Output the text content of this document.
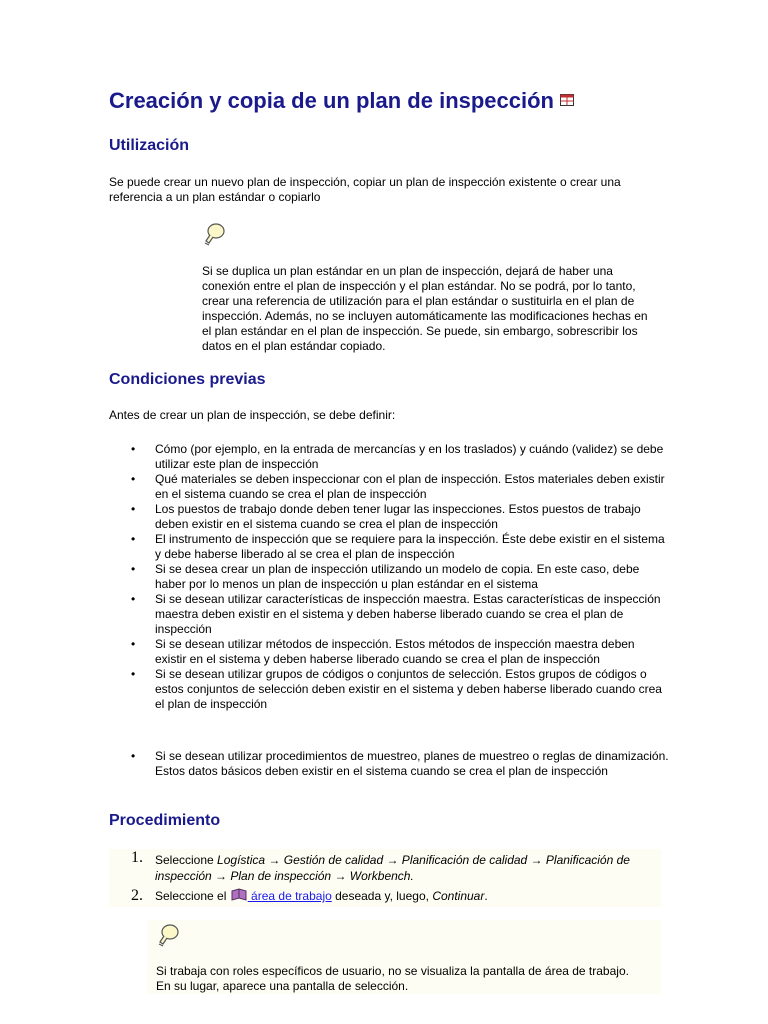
Creación y copia de un plan de inspección
Utilización

Se puede crear un nuevo plan de inspección, copiar un plan de inspección existente o crear una referencia a un plan estándar o copiarlo

Si se duplica un plan estándar en un plan de inspección, dejará de haber una conexión entre el plan de inspección y el plan estándar. No se podrá, por lo tanto, crear una referencia de utilización para el plan estándar o sustituirla en el plan de inspección. Además, no se incluyen automáticamente las modificaciones hechas en el plan estándar en el plan de inspección. Se puede, sin embargo, sobrescribir los datos en el plan estándar copiado.

Condiciones previas

Antes de crear un plan de inspección, se debe definir:

• Cómo (por ejemplo, en la entrada de mercancías y en los traslados) y cuándo (validez) se debe utilizar este plan de inspección
• Qué materiales se deben inspeccionar con el plan de inspección. Estos materiales deben existir en el sistema cuando se crea el plan de inspección
• Los puestos de trabajo donde deben tener lugar las inspecciones. Estos puestos de trabajo deben existir en el sistema cuando se crea el plan de inspección
• El instrumento de inspección que se requiere para la inspección. Éste debe existir en el sistema y debe haberse liberado al se crea el plan de inspección
• Si se desea crear un plan de inspección utilizando un modelo de copia. En este caso, debe haber por lo menos un plan de inspección u plan estándar en el sistema
• Si se desean utilizar características de inspección maestra. Estas características de inspección maestra deben existir en el sistema y deben haberse liberado cuando se crea el plan de inspección
• Si se desean utilizar métodos de inspección. Estos métodos de inspección maestra deben existir en el sistema y deben haberse liberado cuando se crea el plan de inspección
• Si se desean utilizar grupos de códigos o conjuntos de selección. Estos grupos de códigos o estos conjuntos de selección deben existir en el sistema y deben haberse liberado cuando crea el plan de inspección
• Si se desean utilizar procedimientos de muestreo, planes de muestreo o reglas de dinamización. Estos datos básicos deben existir en el sistema cuando se crea el plan de inspección
Procedimiento
1. Seleccione Logística → Gestión de calidad → Planificación de calidad → Planificación de inspección → Plan de inspección → Workbench.
2. Seleccione el  área de trabajo deseada y, luego, Continuar.

Si trabaja con roles específicos de usuario, no se visualiza la pantalla de área de trabajo. En su lugar, aparece una pantalla de selección.
